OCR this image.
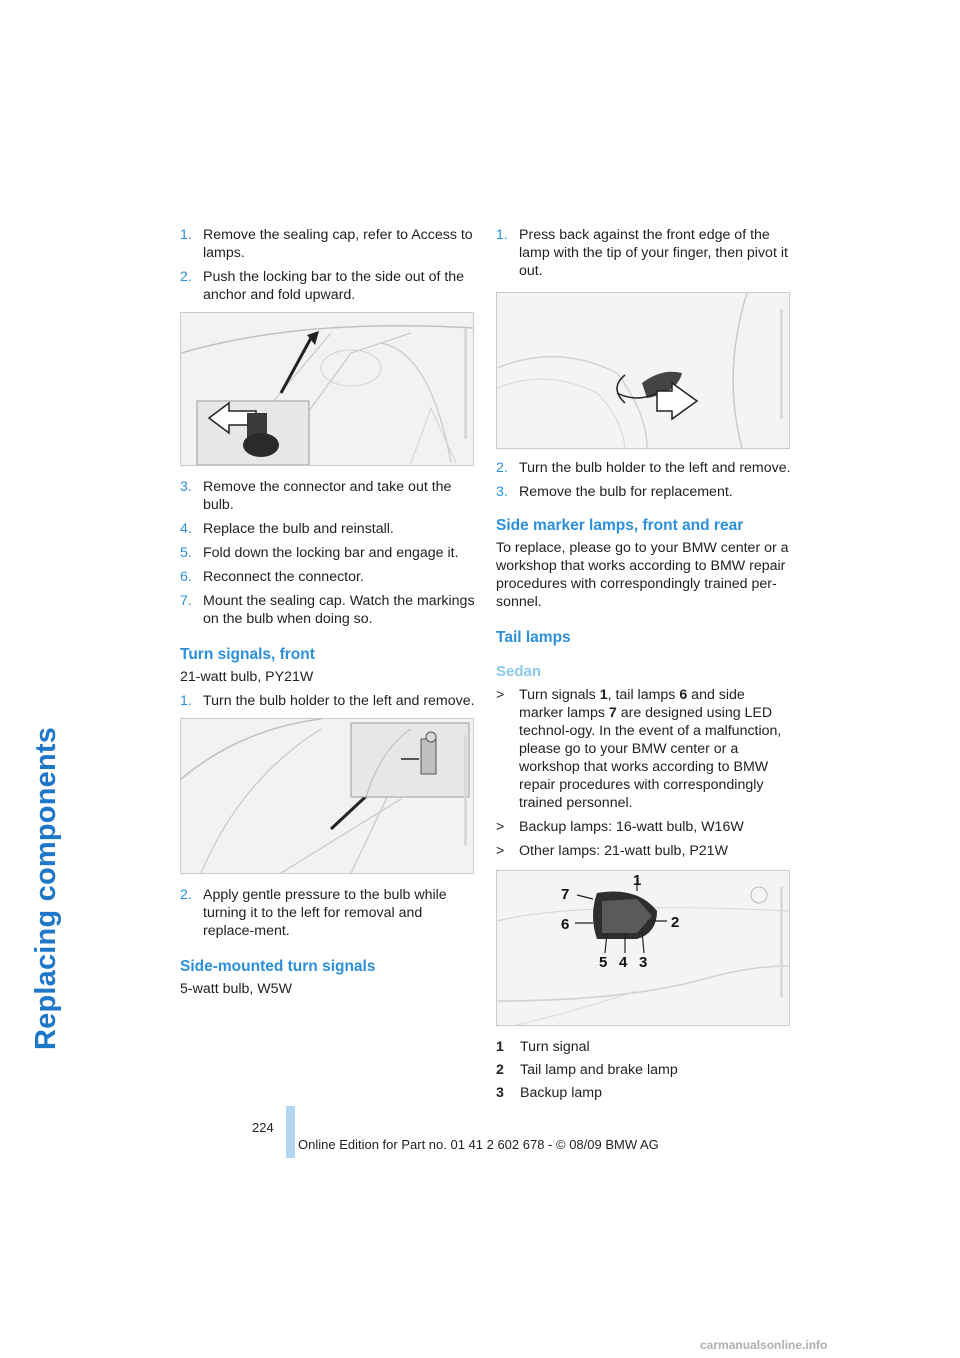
Replacing components
1. Remove the sealing cap, refer to Access to lamps.
2. Push the locking bar to the side out of the anchor and fold upward.
3. Remove the connector and take out the bulb.
4. Replace the bulb and reinstall.
5. Fold down the locking bar and engage it.
6. Reconnect the connector.
7. Mount the sealing cap. Watch the markings on the bulb when doing so.
Turn signals, front

21-watt bulb, PY21W

1. Turn the bulb holder to the left and remove.
2. Apply gentle pressure to the bulb while turning it to the left for removal and replace-ment.
Side-mounted turn signals

5-watt bulb, W5W

1. Press back against the front edge of the lamp with the tip of your finger, then pivot it out.
2. Turn the bulb holder to the left and remove.
3. Remove the bulb for replacement.
Side marker lamps, front and rear

To replace, please go to your BMW center or a workshop that works according to BMW repair procedures with correspondingly trained per-sonnel.

Tail lamps
Sedan
>	Turn signals 1, tail lamps 6 and side marker lamps 7 are designed using LED technol-ogy. In the event of a malfunction, please go to your BMW center or a workshop that works according to BMW repair procedures with correspondingly trained personnel.
>	Backup lamps: 16-watt bulb, W16W
>	Other lamps: 21-watt bulb, P21W
1
2
3
4
5
6
7
1	Turn signal
2	Tail lamp and brake lamp
3	Backup lamp
224
Online Edition for Part no. 01 41 2 602 678 - © 08/09 BMW AG
carmanualsonline.info
